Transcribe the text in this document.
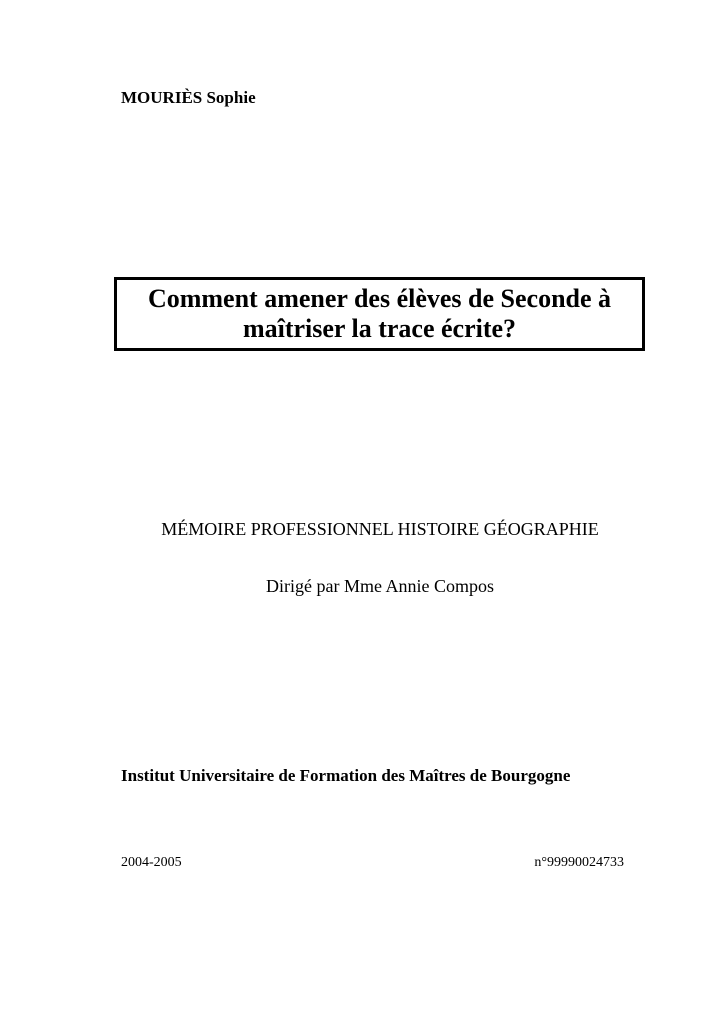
MOURIÈS Sophie
Comment amener des élèves de Seconde à
maîtriser la trace écrite?
MÉMOIRE PROFESSIONNEL HISTOIRE GÉOGRAPHIE
Dirigé par Mme Annie Compos
Institut Universitaire de Formation des Maîtres de Bourgogne
2004-2005	n°99990024733
